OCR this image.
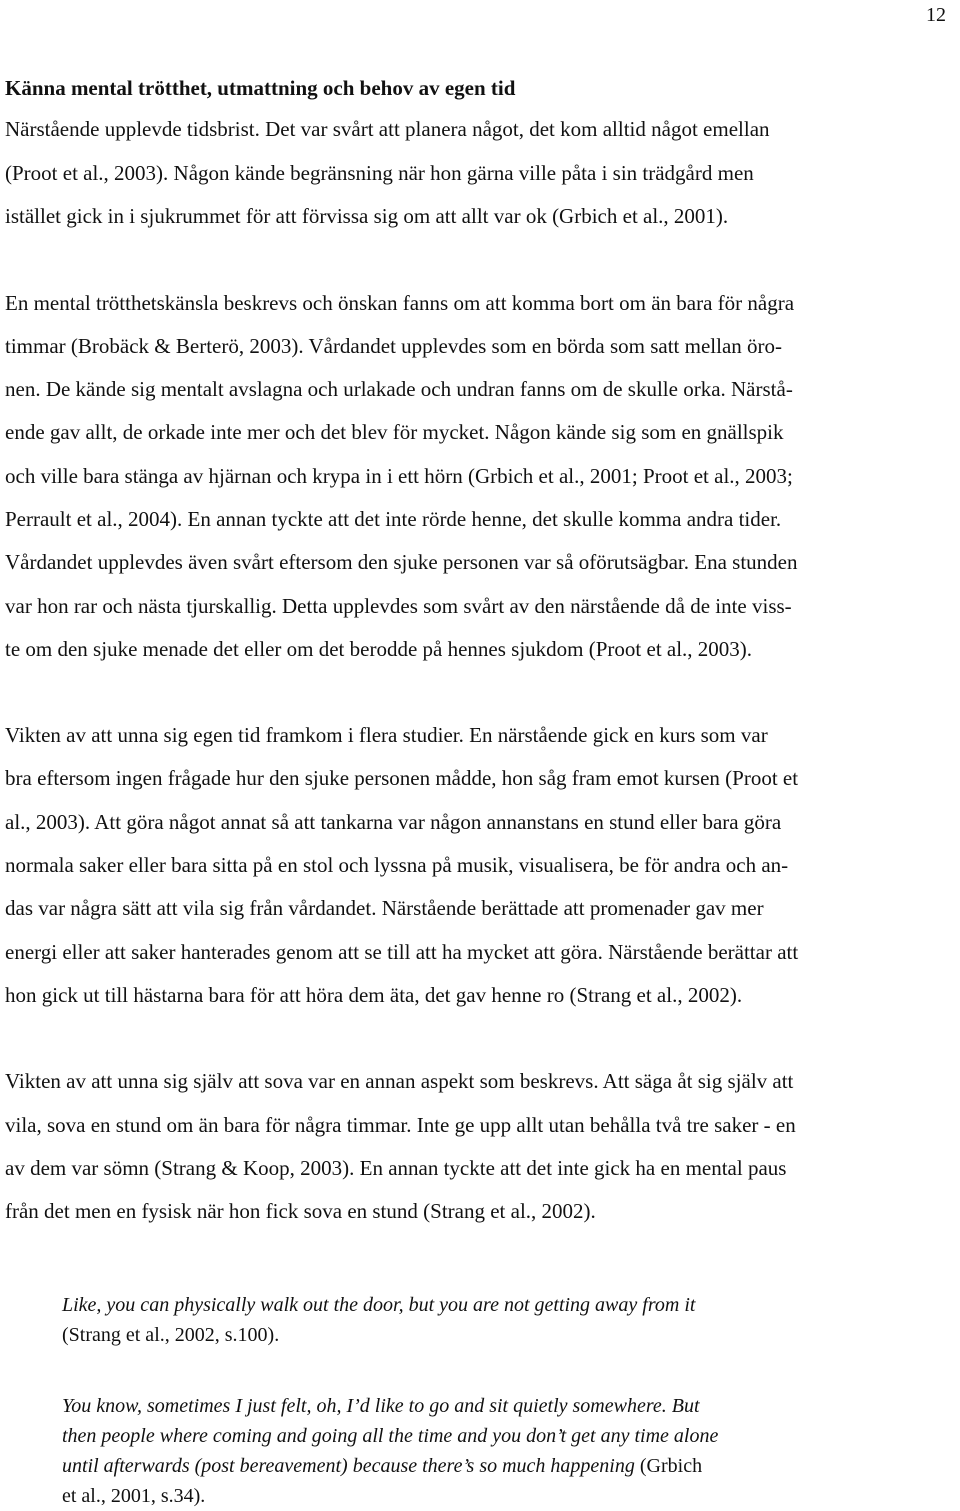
12
Känna mental trötthet, utmattning och behov av egen tid
Närstående upplevde tidsbrist. Det var svårt att planera något, det kom alltid något emellan
(Proot et al., 2003). Någon kände begränsning när hon gärna ville påta i sin trädgård men
istället gick in i sjukrummet för att förvissa sig om att allt var ok (Grbich et al., 2001).
En mental trötthetskänsla beskrevs och önskan fanns om att komma bort om än bara för några
timmar (Brobäck & Berterö, 2003). Vårdandet upplevdes som en börda som satt mellan öro-
nen. De kände sig mentalt avslagna och urlakade och undran fanns om de skulle orka. Närstå-
ende gav allt, de orkade inte mer och det blev för mycket. Någon kände sig som en gnällspik
och ville bara stänga av hjärnan och krypa in i ett hörn (Grbich et al., 2001; Proot et al., 2003;
Perrault et al., 2004). En annan tyckte att det inte rörde henne, det skulle komma andra tider.
Vårdandet upplevdes även svårt eftersom den sjuke personen var så oförutsägbar. Ena stunden
var hon rar och nästa tjurskallig. Detta upplevdes som svårt av den närstående då de inte viss-
te om den sjuke menade det eller om det berodde på hennes sjukdom (Proot et al., 2003).
Vikten av att unna sig egen tid framkom i flera studier. En närstående gick en kurs som var
bra eftersom ingen frågade hur den sjuke personen mådde, hon såg fram emot kursen (Proot et
al., 2003). Att göra något annat så att tankarna var någon annanstans en stund eller bara göra
normala saker eller bara sitta på en stol och lyssna på musik, visualisera, be för andra och an-
das var några sätt att vila sig från vårdandet. Närstående berättade att promenader gav mer
energi eller att saker hanterades genom att se till att ha mycket att göra. Närstående berättar att
hon gick ut till hästarna bara för att höra dem äta, det gav henne ro (Strang et al., 2002).
Vikten av att unna sig själv att sova var en annan aspekt som beskrevs. Att säga åt sig själv att
vila, sova en stund om än bara för några timmar. Inte ge upp allt utan behålla två tre saker - en
av dem var sömn (Strang & Koop, 2003). En annan tyckte att det inte gick ha en mental paus
från det men en fysisk när hon fick sova en stund (Strang et al., 2002).
Like, you can physically walk out the door, but you are not getting away from it
(Strang et al., 2002, s.100).
You know, sometimes I just felt, oh, I’d like to go and sit quietly somewhere. But
then people where coming and going all the time and you don’t get any time alone
until afterwards (post bereavement) because there’s so much happening (Grbich
et al., 2001, s.34).
